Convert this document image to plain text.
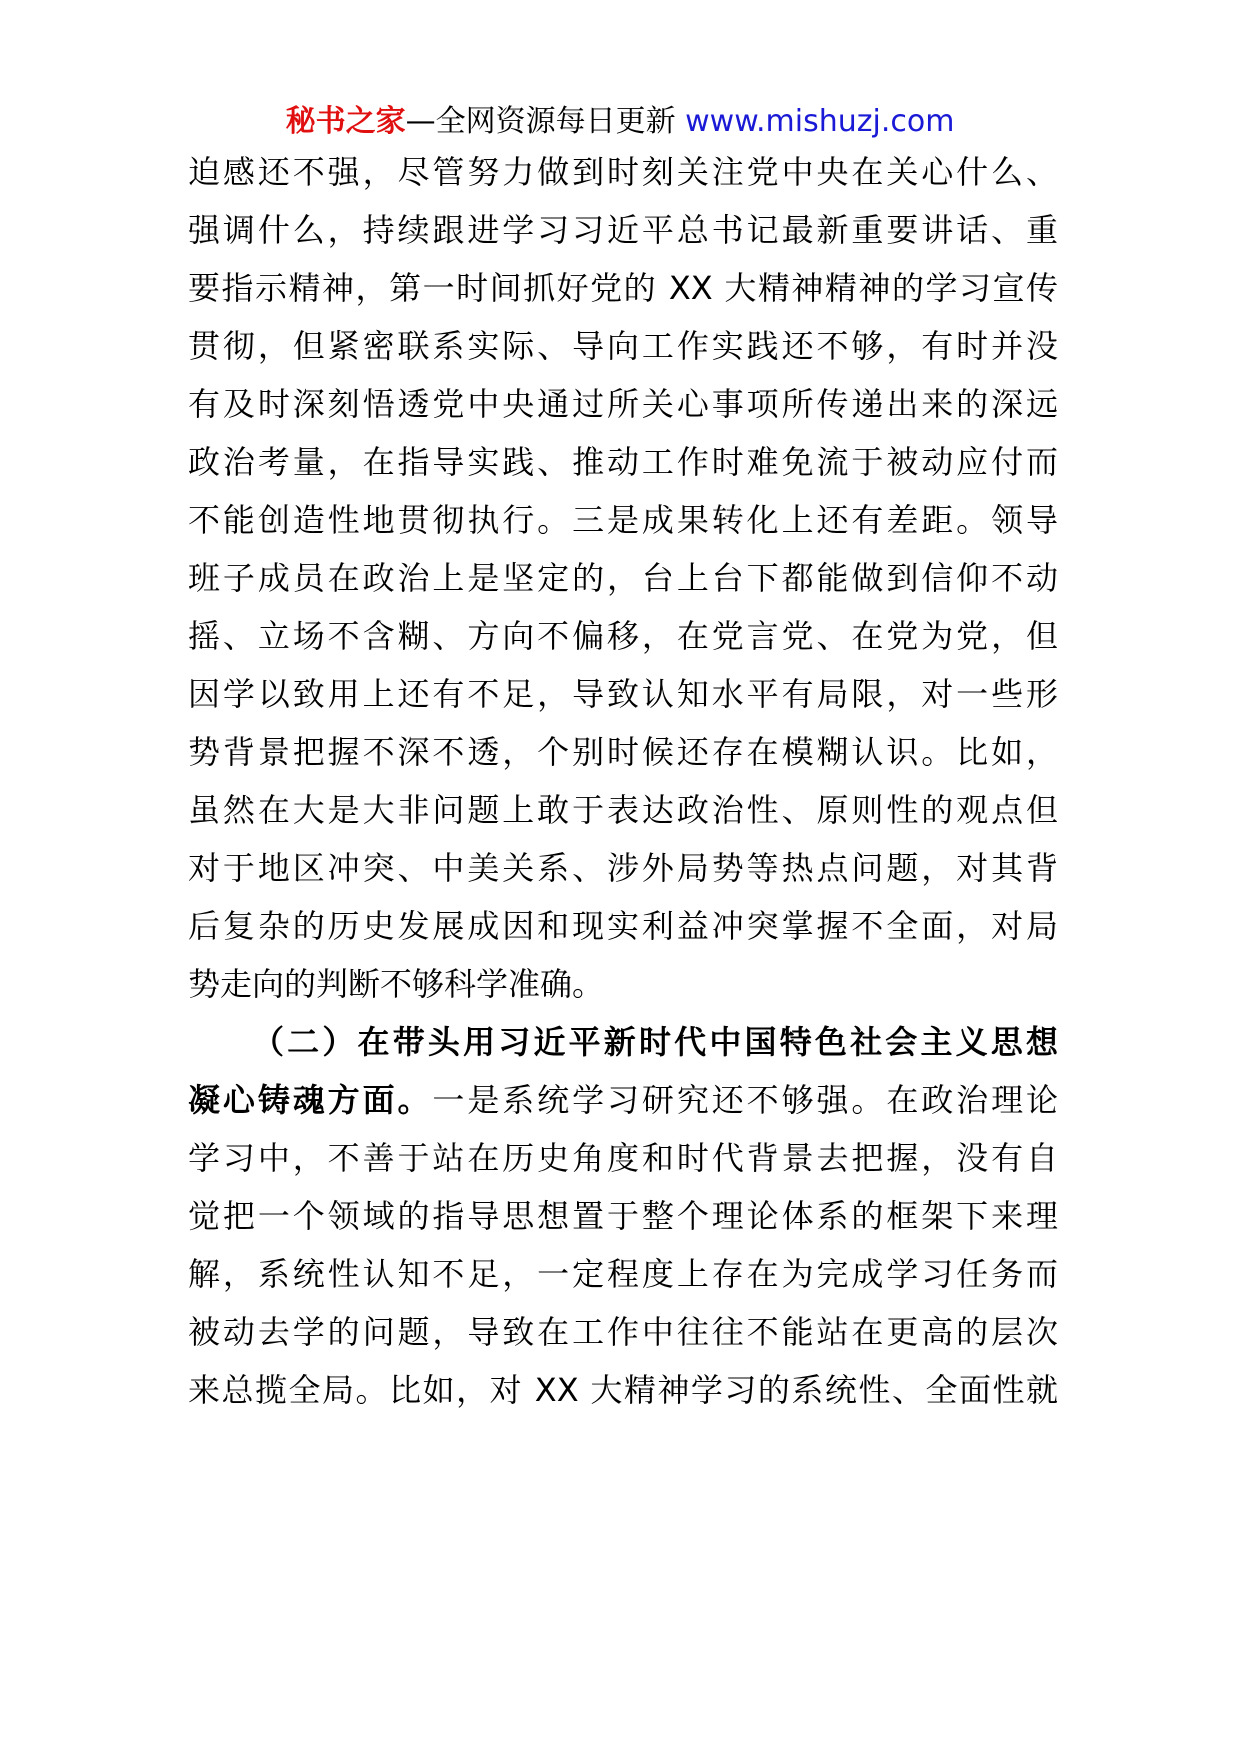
秘书之家—全网资源每日更新 www.mishuzj.com
迫感还不强，尽管努力做到时刻关注党中央在关心什么、
强调什么，持续跟进学习习近平总书记最新重要讲话、重
要指示精神，第一时间抓好党的 XX 大精神精神的学习宣传
贯彻，但紧密联系实际、导向工作实践还不够，有时并没
有及时深刻悟透党中央通过所关心事项所传递出来的深远
政治考量，在指导实践、推动工作时难免流于被动应付而
不能创造性地贯彻执行。三是成果转化上还有差距。领导
班子成员在政治上是坚定的，台上台下都能做到信仰不动
摇、立场不含糊、方向不偏移，在党言党、在党为党，但
因学以致用上还有不足，导致认知水平有局限，对一些形
势背景把握不深不透，个别时候还存在模糊认识。比如，
虽然在大是大非问题上敢于表达政治性、原则性的观点但
对于地区冲突、中美关系、涉外局势等热点问题，对其背
后复杂的历史发展成因和现实利益冲突掌握不全面，对局
势走向的判断不够科学准确。
（二）在带头用习近平新时代中国特色社会主义思想
凝心铸魂方面。一是系统学习研究还不够强。在政治理论
学习中，不善于站在历史角度和时代背景去把握，没有自
觉把一个领域的指导思想置于整个理论体系的框架下来理
解，系统性认知不足，一定程度上存在为完成学习任务而
被动去学的问题，导致在工作中往往不能站在更高的层次
来总揽全局。比如，对 XX 大精神学习的系统性、全面性就
